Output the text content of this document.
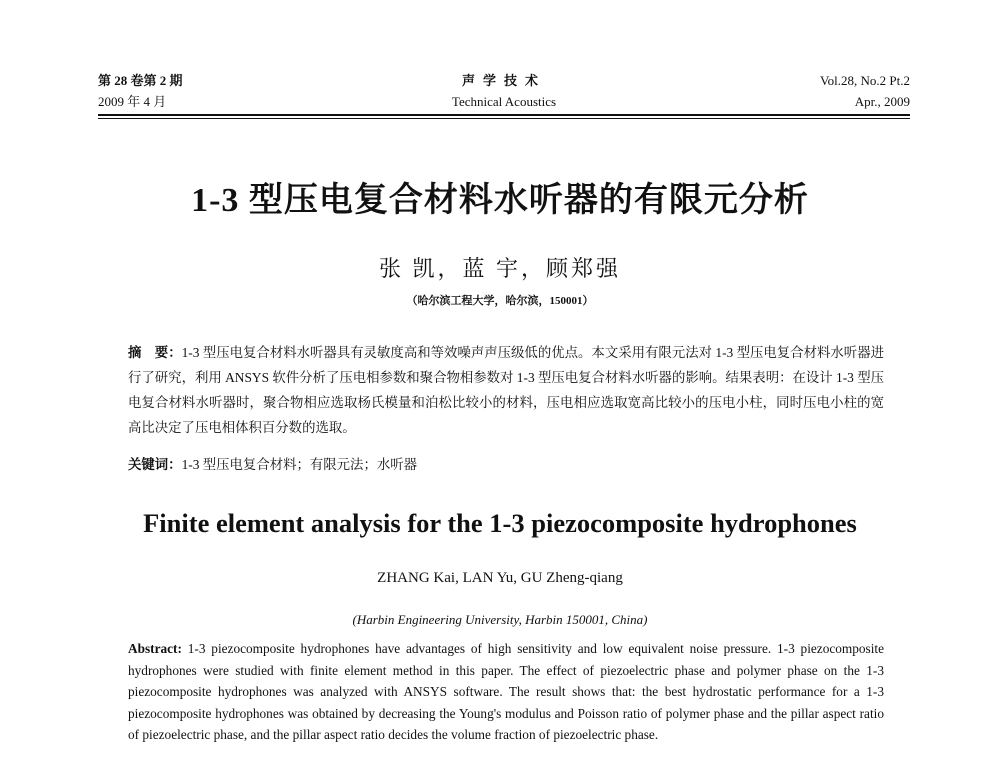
第 28 卷第 2 期
2009 年 4 月
声学技术
Technical Acoustics
Vol.28, No.2 Pt.2
Apr., 2009
1-3 型压电复合材料水听器的有限元分析
张 凯，蓝 宇，顾郑强
（哈尔滨工程大学，哈尔滨，150001）
摘　要：1-3 型压电复合材料水听器具有灵敏度高和等效噪声声压级低的优点。本文采用有限元法对 1-3 型压电复合材料水听器进行了研究，利用 ANSYS 软件分析了压电相参数和聚合物相参数对 1-3 型压电复合材料水听器的影响。结果表明：在设计 1-3 型压电复合材料水听器时，聚合物相应选取杨氏模量和泊松比较小的材料，压电相应选取宽高比较小的压电小柱，同时压电小柱的宽高比决定了压电相体积百分数的选取。
关键词：1-3 型压电复合材料；有限元法；水听器
Finite element analysis for the 1-3 piezocomposite hydrophones
ZHANG Kai, LAN Yu, GU Zheng-qiang
(Harbin Engineering University, Harbin 150001, China)
Abstract: 1-3 piezocomposite hydrophones have advantages of high sensitivity and low equivalent noise pressure. 1-3 piezocomposite hydrophones were studied with finite element method in this paper. The effect of piezoelectric phase and polymer phase on the 1-3 piezocomposite hydrophones was analyzed with ANSYS software. The result shows that: the best hydrostatic performance for a 1-3 piezocomposite hydrophones was obtained by decreasing the Young's modulus and Poisson ratio of polymer phase and the pillar aspect ratio of piezoelectric phase, and the pillar aspect ratio decides the volume fraction of piezoelectric phase.
